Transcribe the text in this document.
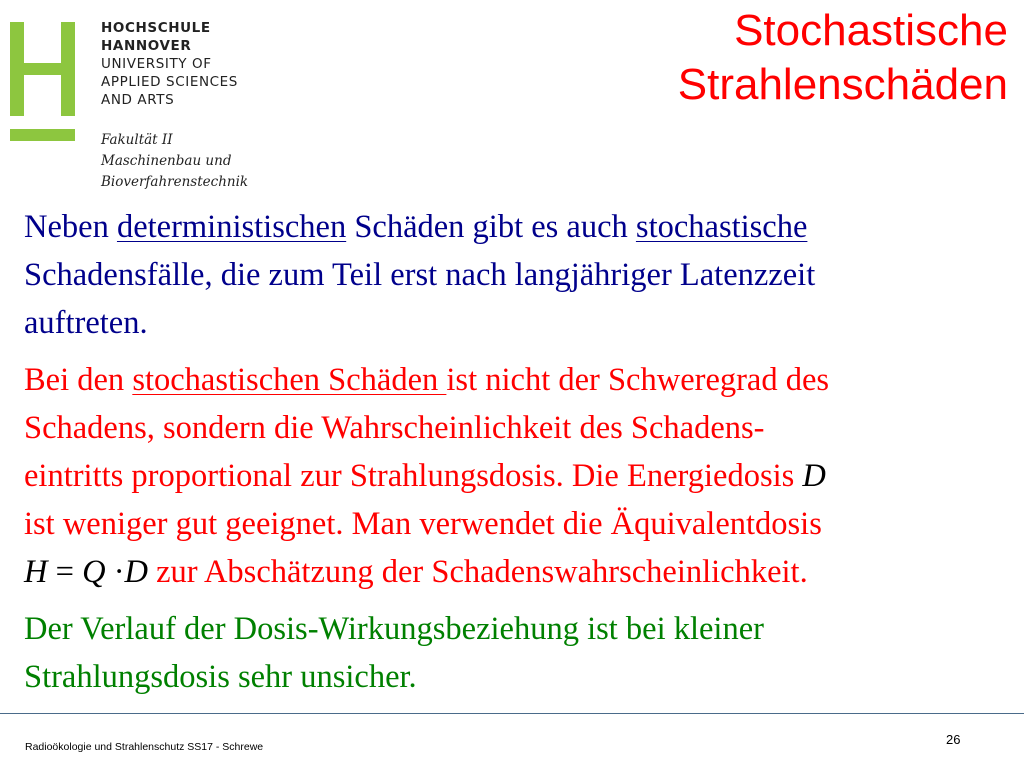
HOCHSCHULE
HANNOVER
UNIVERSITY OF
APPLIED SCIENCES
AND ARTS
Fakultät II
Maschinenbau und
Bioverfahrenstechnik
Stochastische
Strahlenschäden
Neben deterministischen Schäden gibt es auch stochastische
Schadensfälle, die zum Teil erst nach langjähriger Latenzzeit
auftreten.
Bei den stochastischen Schäden ist nicht der Schweregrad des
Schadens, sondern die Wahrscheinlichkeit des Schadens-
eintritts proportional zur Strahlungsdosis. Die Energiedosis D
ist weniger gut geeignet. Man verwendet die Äquivalentdosis
H = Q ·D zur Abschätzung der Schadenswahrscheinlichkeit.
Der Verlauf der Dosis-Wirkungsbeziehung ist bei kleiner
Strahlungsdosis sehr unsicher.
Radioökologie und Strahlenschutz SS17 - Schrewe	26
